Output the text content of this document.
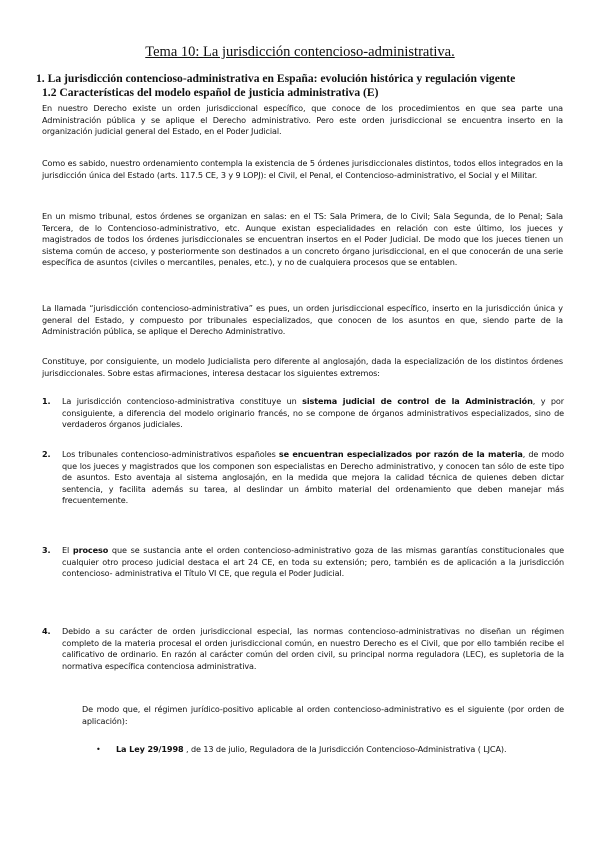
Tema 10: La jurisdicción contencioso-administrativa.
1. La jurisdicción contencioso-administrativa en España: evolución histórica y regulación vigente
1.2 Características del modelo español de justicia administrativa (E)
En nuestro Derecho existe un orden jurisdiccional específico, que conoce de los procedimientos en que sea parte una Administración pública y se aplique el Derecho administrativo. Pero este orden jurisdiccional se encuentra inserto en la organización judicial general del Estado, en el Poder Judicial.
Como es sabido, nuestro ordenamiento contempla la existencia de 5 órdenes jurisdiccionales distintos, todos ellos integrados en la jurisdicción única del Estado (arts. 117.5 CE, 3 y 9 LOPJ): el Civil, el Penal, el Contencioso-administrativo, el Social y el Militar.
En un mismo tribunal, estos órdenes se organizan en salas: en el TS: Sala Primera, de lo Civil; Sala Segunda, de lo Penal; Sala Tercera, de lo Contencioso-administrativo, etc. Aunque existan especialidades en relación con este último, los jueces y magistrados de todos los órdenes jurisdiccionales se encuentran insertos en el Poder Judicial. De modo que los jueces tienen un sistema común de acceso, y posteriormente son destinados a un concreto órgano jurisdiccional, en el que conocerán de una serie específica de asuntos (civiles o mercantiles, penales, etc.), y no de cualquiera procesos que se entablen.
La llamada “jurisdicción contencioso-administrativa” es pues, un orden jurisdiccional específico, inserto en la jurisdicción única y general del Estado, y compuesto por tribunales especializados, que conocen de los asuntos en que, siendo parte de la Administración pública, se aplique el Derecho Administrativo.
Constituye, por consiguiente, un modelo Judicialista pero diferente al anglosajón, dada la especialización de los distintos órdenes jurisdiccionales. Sobre estas afirmaciones, interesa destacar los siguientes extremos:
1. La jurisdicción contencioso-administrativa constituye un sistema judicial de control de la Administración, y por consiguiente, a diferencia del modelo originario francés, no se compone de órganos administrativos especializados, sino de verdaderos órganos judiciales.
2. Los tribunales contencioso-administrativos españoles se encuentran especializados por razón de la materia, de modo que los jueces y magistrados que los componen son especialistas en Derecho administrativo, y conocen tan sólo de este tipo de asuntos. Esto aventaja al sistema anglosajón, en la medida que mejora la calidad técnica de quienes deben dictar sentencia, y facilita además su tarea, al deslindar un ámbito material del ordenamiento que deben manejar más frecuentemente.
3. El proceso que se sustancia ante el orden contencioso-administrativo goza de las mismas garantías constitucionales que cualquier otro proceso judicial destaca el art 24 CE, en toda su extensión; pero, también es de aplicación a la jurisdicción contencioso- administrativa el Título VI CE, que regula el Poder Judicial.
4. Debido a su carácter de orden jurisdiccional especial, las normas contencioso-administrativas no diseñan un régimen completo de la materia procesal el orden jurisdiccional común, en nuestro Derecho es el Civil, que por ello también recibe el calificativo de ordinario. En razón al carácter común del orden civil, su principal norma reguladora (LEC), es supletoria de la normativa específica contenciosa administrativa.
De modo que, el régimen jurídico-positivo aplicable al orden contencioso-administrativo es el siguiente (por orden de aplicación):
• La Ley 29/1998 , de 13 de julio, Reguladora de la Jurisdicción Contencioso-Administrativa ( LJCA).
